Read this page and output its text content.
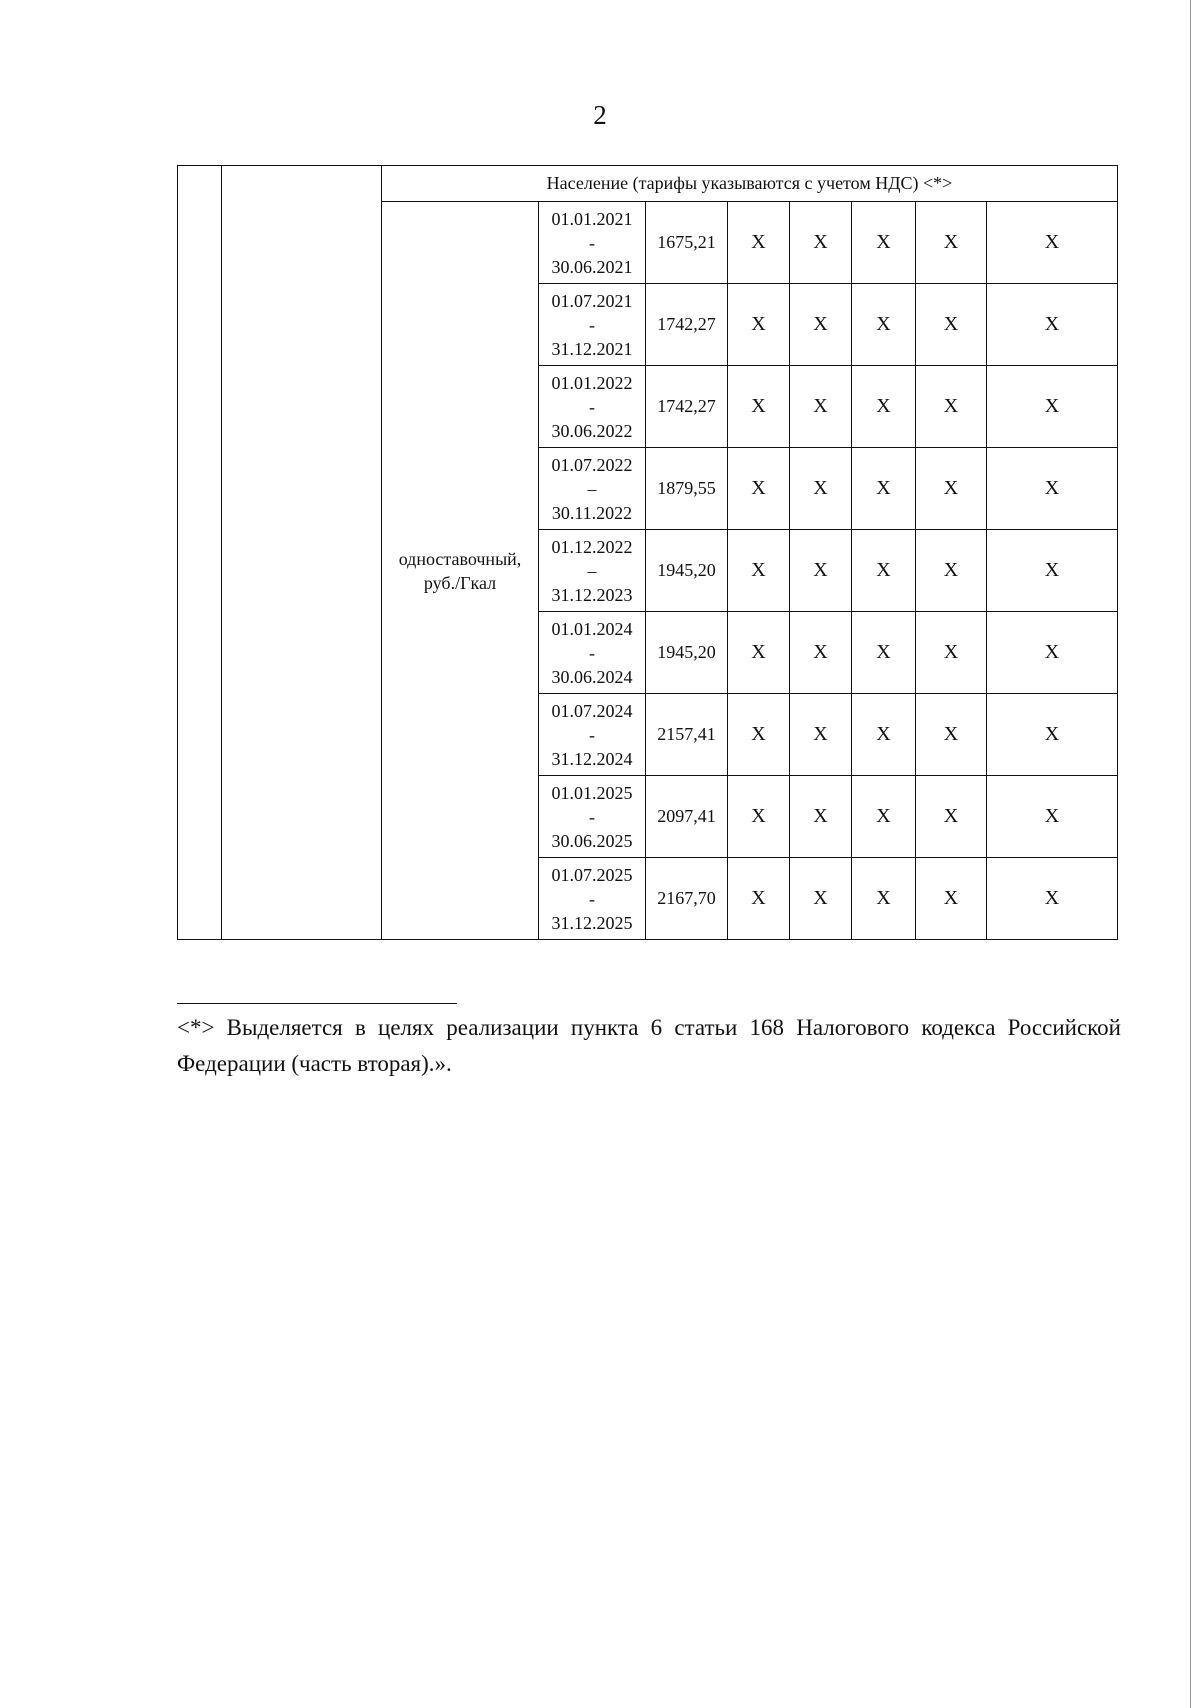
2
		Население (тарифы указываются с учетом НДС) <*>							
		одноставочный, руб./Гкал	01.01.2021
-
30.06.2021	1675,21	Х	Х	Х	Х	Х

			01.07.2021
-
31.12.2021	1742,27	Х	Х	Х	Х	Х

			01.01.2022
-
30.06.2022	1742,27	Х	Х	Х	Х	Х

			01.07.2022
–
30.11.2022	1879,55	Х	Х	Х	Х	Х

			01.12.2022
–
31.12.2023	1945,20	Х	Х	Х	Х	Х

			01.01.2024
-
30.06.2024	1945,20	Х	Х	Х	Х	Х

			01.07.2024
-
31.12.2024	2157,41	Х	Х	Х	Х	Х

			01.01.2025
-
30.06.2025	2097,41	Х	Х	Х	Х	Х

			01.07.2025
-
31.12.2025	2167,70	Х	Х	Х	Х	Х
<*> Выделяется в целях реализации пункта 6 статьи 168 Налогового кодекса Российской Федерации (часть вторая).».
